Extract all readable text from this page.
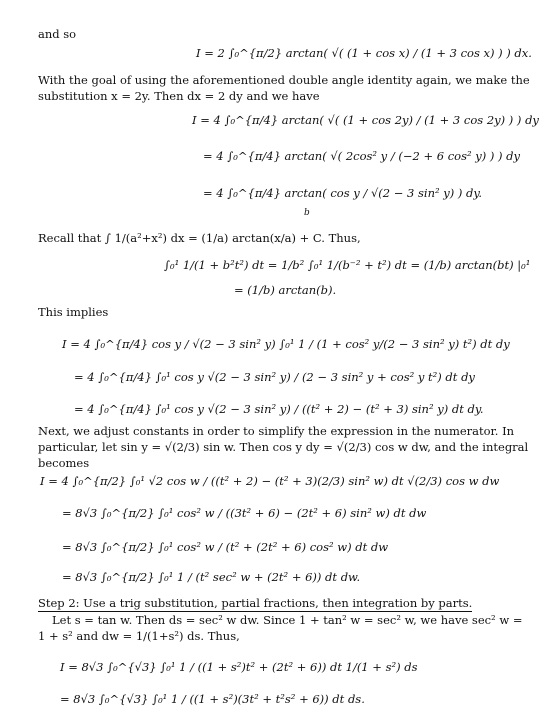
and so
I = 2 ∫₀^{π/2} arctan( √( (1 + cos x) / (1 + 3 cos x) ) ) dx.
With the goal of using the aforementioned double angle identity again, we make the substitution x = 2y. Then dx = 2 dy and we have
I = 4 ∫₀^{π/4} arctan( √( (1 + cos 2y) / (1 + 3 cos 2y) ) ) dy
= 4 ∫₀^{π/4} arctan( √( 2cos² y / (−2 + 6 cos² y) ) ) dy
= 4 ∫₀^{π/4} arctan( cos y / √(2 − 3 sin² y) ) dy.
b
Recall that ∫ 1/(a²+x²) dx = (1/a) arctan(x/a) + C. Thus,
∫₀¹ 1/(1 + b²t²) dt = 1/b² ∫₀¹ 1/(b⁻² + t²) dt = (1/b) arctan(bt) |₀¹
= (1/b) arctan(b).
This implies
I = 4 ∫₀^{π/4} cos y / √(2 − 3 sin² y) ∫₀¹ 1 / (1 + cos² y/(2 − 3 sin² y) t²) dt dy
= 4 ∫₀^{π/4} ∫₀¹ cos y √(2 − 3 sin² y) / (2 − 3 sin² y + cos² y t²) dt dy
= 4 ∫₀^{π/4} ∫₀¹ cos y √(2 − 3 sin² y) / ((t² + 2) − (t² + 3) sin² y) dt dy.
Next, we adjust constants in order to simplify the expression in the numerator. In particular, let sin y = √(2/3) sin w. Then cos y dy = √(2/3) cos w dw, and the integral becomes
I = 4 ∫₀^{π/2} ∫₀¹ √2 cos w / ((t² + 2) − (t² + 3)(2/3) sin² w) dt √(2/3) cos w dw
= 8√3 ∫₀^{π/2} ∫₀¹ cos² w / ((3t² + 6) − (2t² + 6) sin² w) dt dw
= 8√3 ∫₀^{π/2} ∫₀¹ cos² w / (t² + (2t² + 6) cos² w) dt dw
= 8√3 ∫₀^{π/2} ∫₀¹ 1 / (t² sec² w + (2t² + 6)) dt dw.
Step 2: Use a trig substitution, partial fractions, then integration by parts.
Let s = tan w. Then ds = sec² w dw. Since 1 + tan² w = sec² w, we have sec² w = 1 + s² and dw = 1/(1+s²) ds. Thus,
I = 8√3 ∫₀^{√3} ∫₀¹ 1 / ((1 + s²)t² + (2t² + 6)) dt 1/(1 + s²) ds
= 8√3 ∫₀^{√3} ∫₀¹ 1 / ((1 + s²)(3t² + t²s² + 6)) dt ds.
